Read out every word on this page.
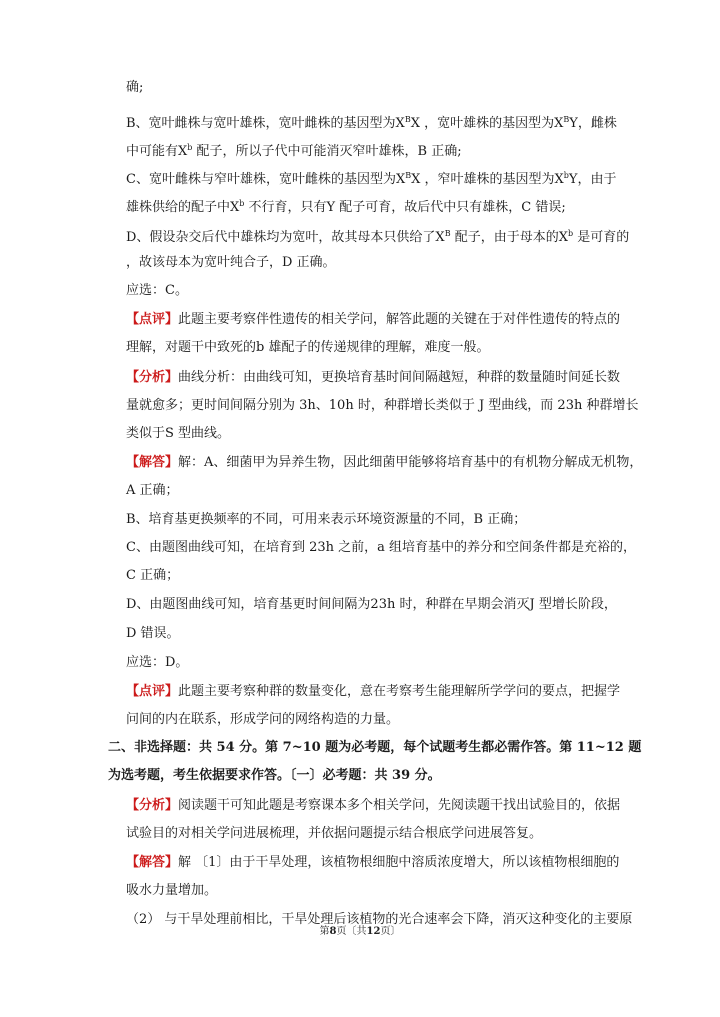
确;
B、宽叶雌株与宽叶雄株，宽叶雌株的基因型为$X^BX$ ，宽叶雄株的基因型为$X^BY$，雌株
中可能有$X^b$ 配子，所以子代中可能消灭窄叶雄株，B 正确;
C、宽叶雌株与窄叶雄株，宽叶雌株的基因型为$X^BX$ ，窄叶雄株的基因型为$X^bY$，由于
雄株供给的配子中$X^b$ 不行育，只有Y 配子可育，故后代中只有雄株，C 错误;
D、假设杂交后代中雄株均为宽叶，故其母本只供给了$X^B$ 配子，由于母本的$X^b$ 是可育的
，故该母本为宽叶纯合子，D 正确。
应选：C。
【点评】此题主要考察伴性遗传的相关学问，解答此题的关键在于对伴性遗传的特点的
理解，对题干中致死的b 雄配子的传递规律的理解，难度一般。
【分析】曲线分析：由曲线可知，更换培育基时间间隔越短，种群的数量随时间延长数
量就愈多；更时间间隔分别为 3h、10h 时，种群增长类似于 J 型曲线，而 23h 种群增长
类似于S 型曲线。
【解答】解：A、细菌甲为异养生物，因此细菌甲能够将培育基中的有机物分解成无机物，
A 正确；
B、培育基更换频率的不同，可用来表示环境资源量的不同，B 正确；
C、由题图曲线可知，在培育到 23h 之前，a 组培育基中的养分和空间条件都是充裕的，
C 正确；
D、由题图曲线可知，培育基更时间间隔为23h 时，种群在早期会消灭J 型增长阶段，
D 错误。
应选：D。
【点评】此题主要考察种群的数量变化，意在考察考生能理解所学学问的要点，把握学
问间的内在联系，形成学问的网络构造的力量。
二、非选择题：共 54 分。第 7~10 题为必考题，每个试题考生都必需作答。第 11~12 题
为选考题，考生依据要求作答。〔一〕必考题：共 39 分。
【分析】阅读题干可知此题是考察课本多个相关学问，先阅读题干找出试验目的，依据
试验目的对相关学问进展梳理，并依据问题提示结合根底学问进展答复。
【解答】解 〔1〕由于干旱处理，该植物根细胞中溶质浓度增大，所以该植物根细胞的
吸水力量增加。
（2） 与干旱处理前相比，干旱处理后该植物的光合速率会下降，消灭这种变化的主要原
第8页〔共12页〕
